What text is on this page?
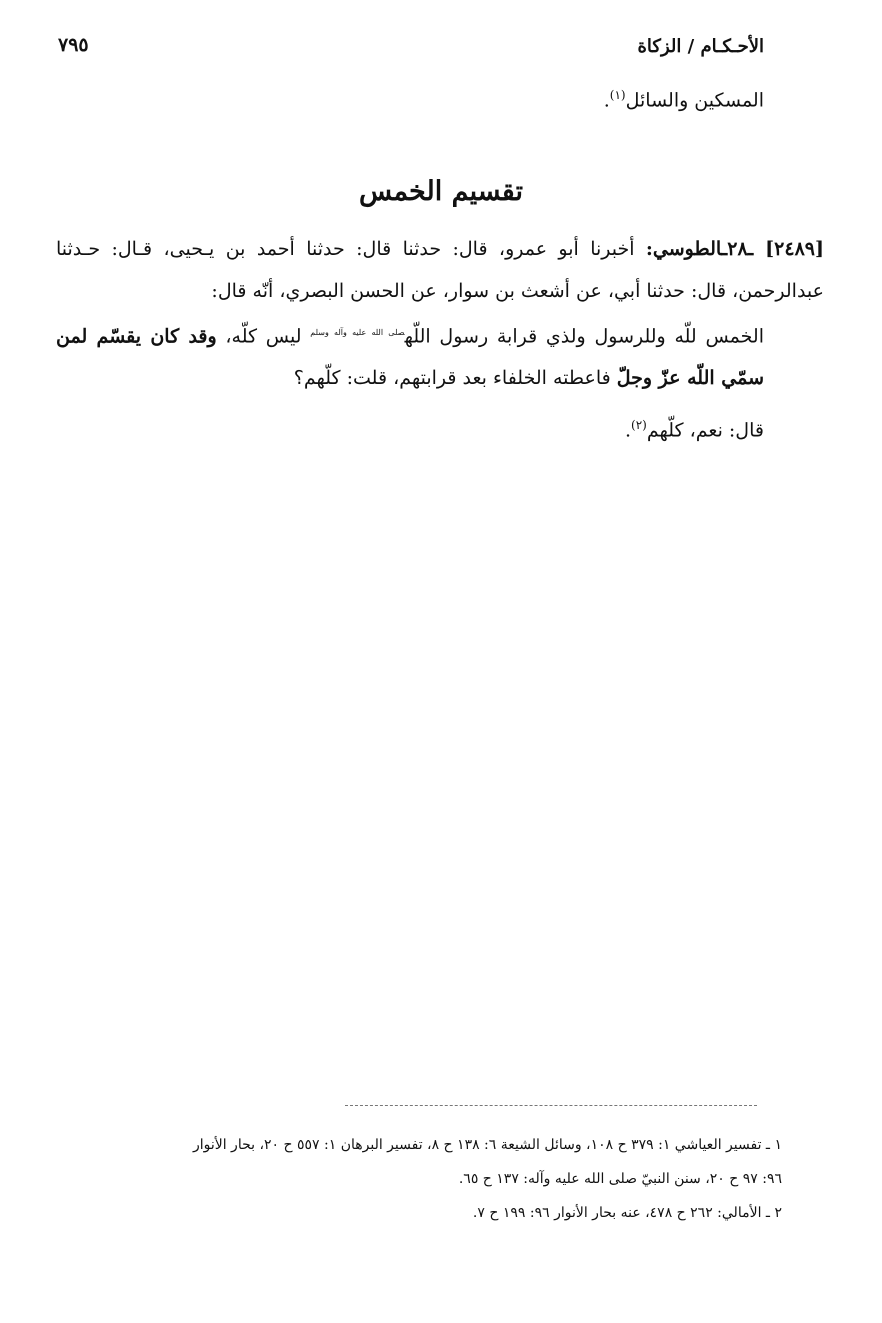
الأحـكـام / الزكاة
٧٩٥
المسكين والسائل$^{(١)}$.
تقسيم الخمس
[٢٤٨٩] ـ٢٨ـالطوسي: أخبرنا أبو عمرو، قال: حدثنا قال: حدثنا أحمد بن يـحيى، قـال: حـدثنا عبدالرحمن، قال: حدثنا أبي، عن أشعث بن سوار، عن الحسن البصري، أنّه قال:
الخمس للّه وللرسول ولذي قرابة رسول اللّه$^{صلى الله عليه وآله وسلم}$ ليس كلّه، وقد كان يقسّم لمن سمّي اللّه عزّ وجلّ فاعطته الخلفاء بعد قرابتهم، قلت: كلّهم؟
قال: نعم، كلّهم$^{(٢)}$.
١ ـ تفسير العياشي ١: ٣٧٩ ح ١٠٨، وسائل الشيعة ٦: ١٣٨ ح ٨، تفسير البرهان ١: ٥٥٧ ح ٢٠، بحار الأنوار
٩٦: ٩٧ ح ٢٠، سنن النبيّ صلى الله عليه وآله: ١٣٧ ح ٦٥.
٢ ـ الأمالي: ٢٦٢ ح ٤٧٨، عنه بحار الأنوار ٩٦: ١٩٩ ح ٧.
